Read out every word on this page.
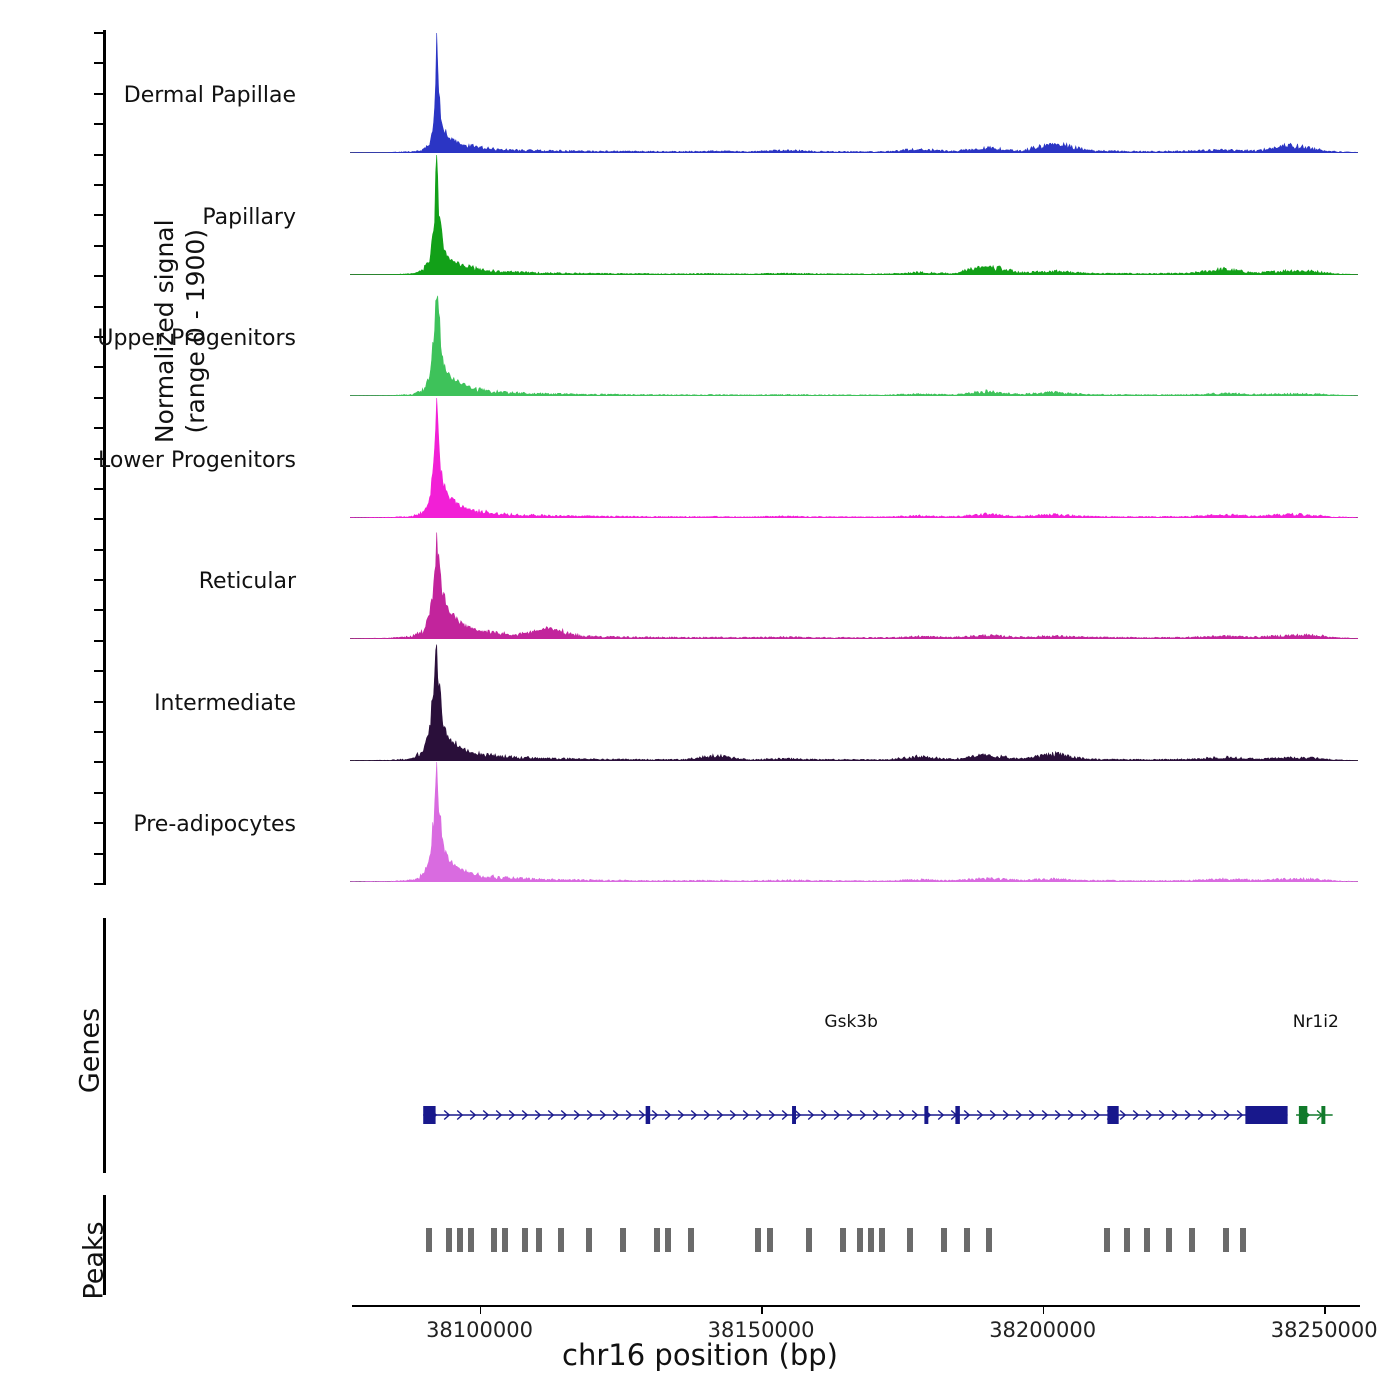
Normalized signal
(range 0 - 1900)
Dermal Papillae
Papillary
Upper Progenitors
Lower Progenitors
Reticular
Intermediate
Pre-adipocytes
Genes	Gsk3b	Nr1i2
Peaks
38100000	38150000	38200000	38250000
chr16 position (bp)
